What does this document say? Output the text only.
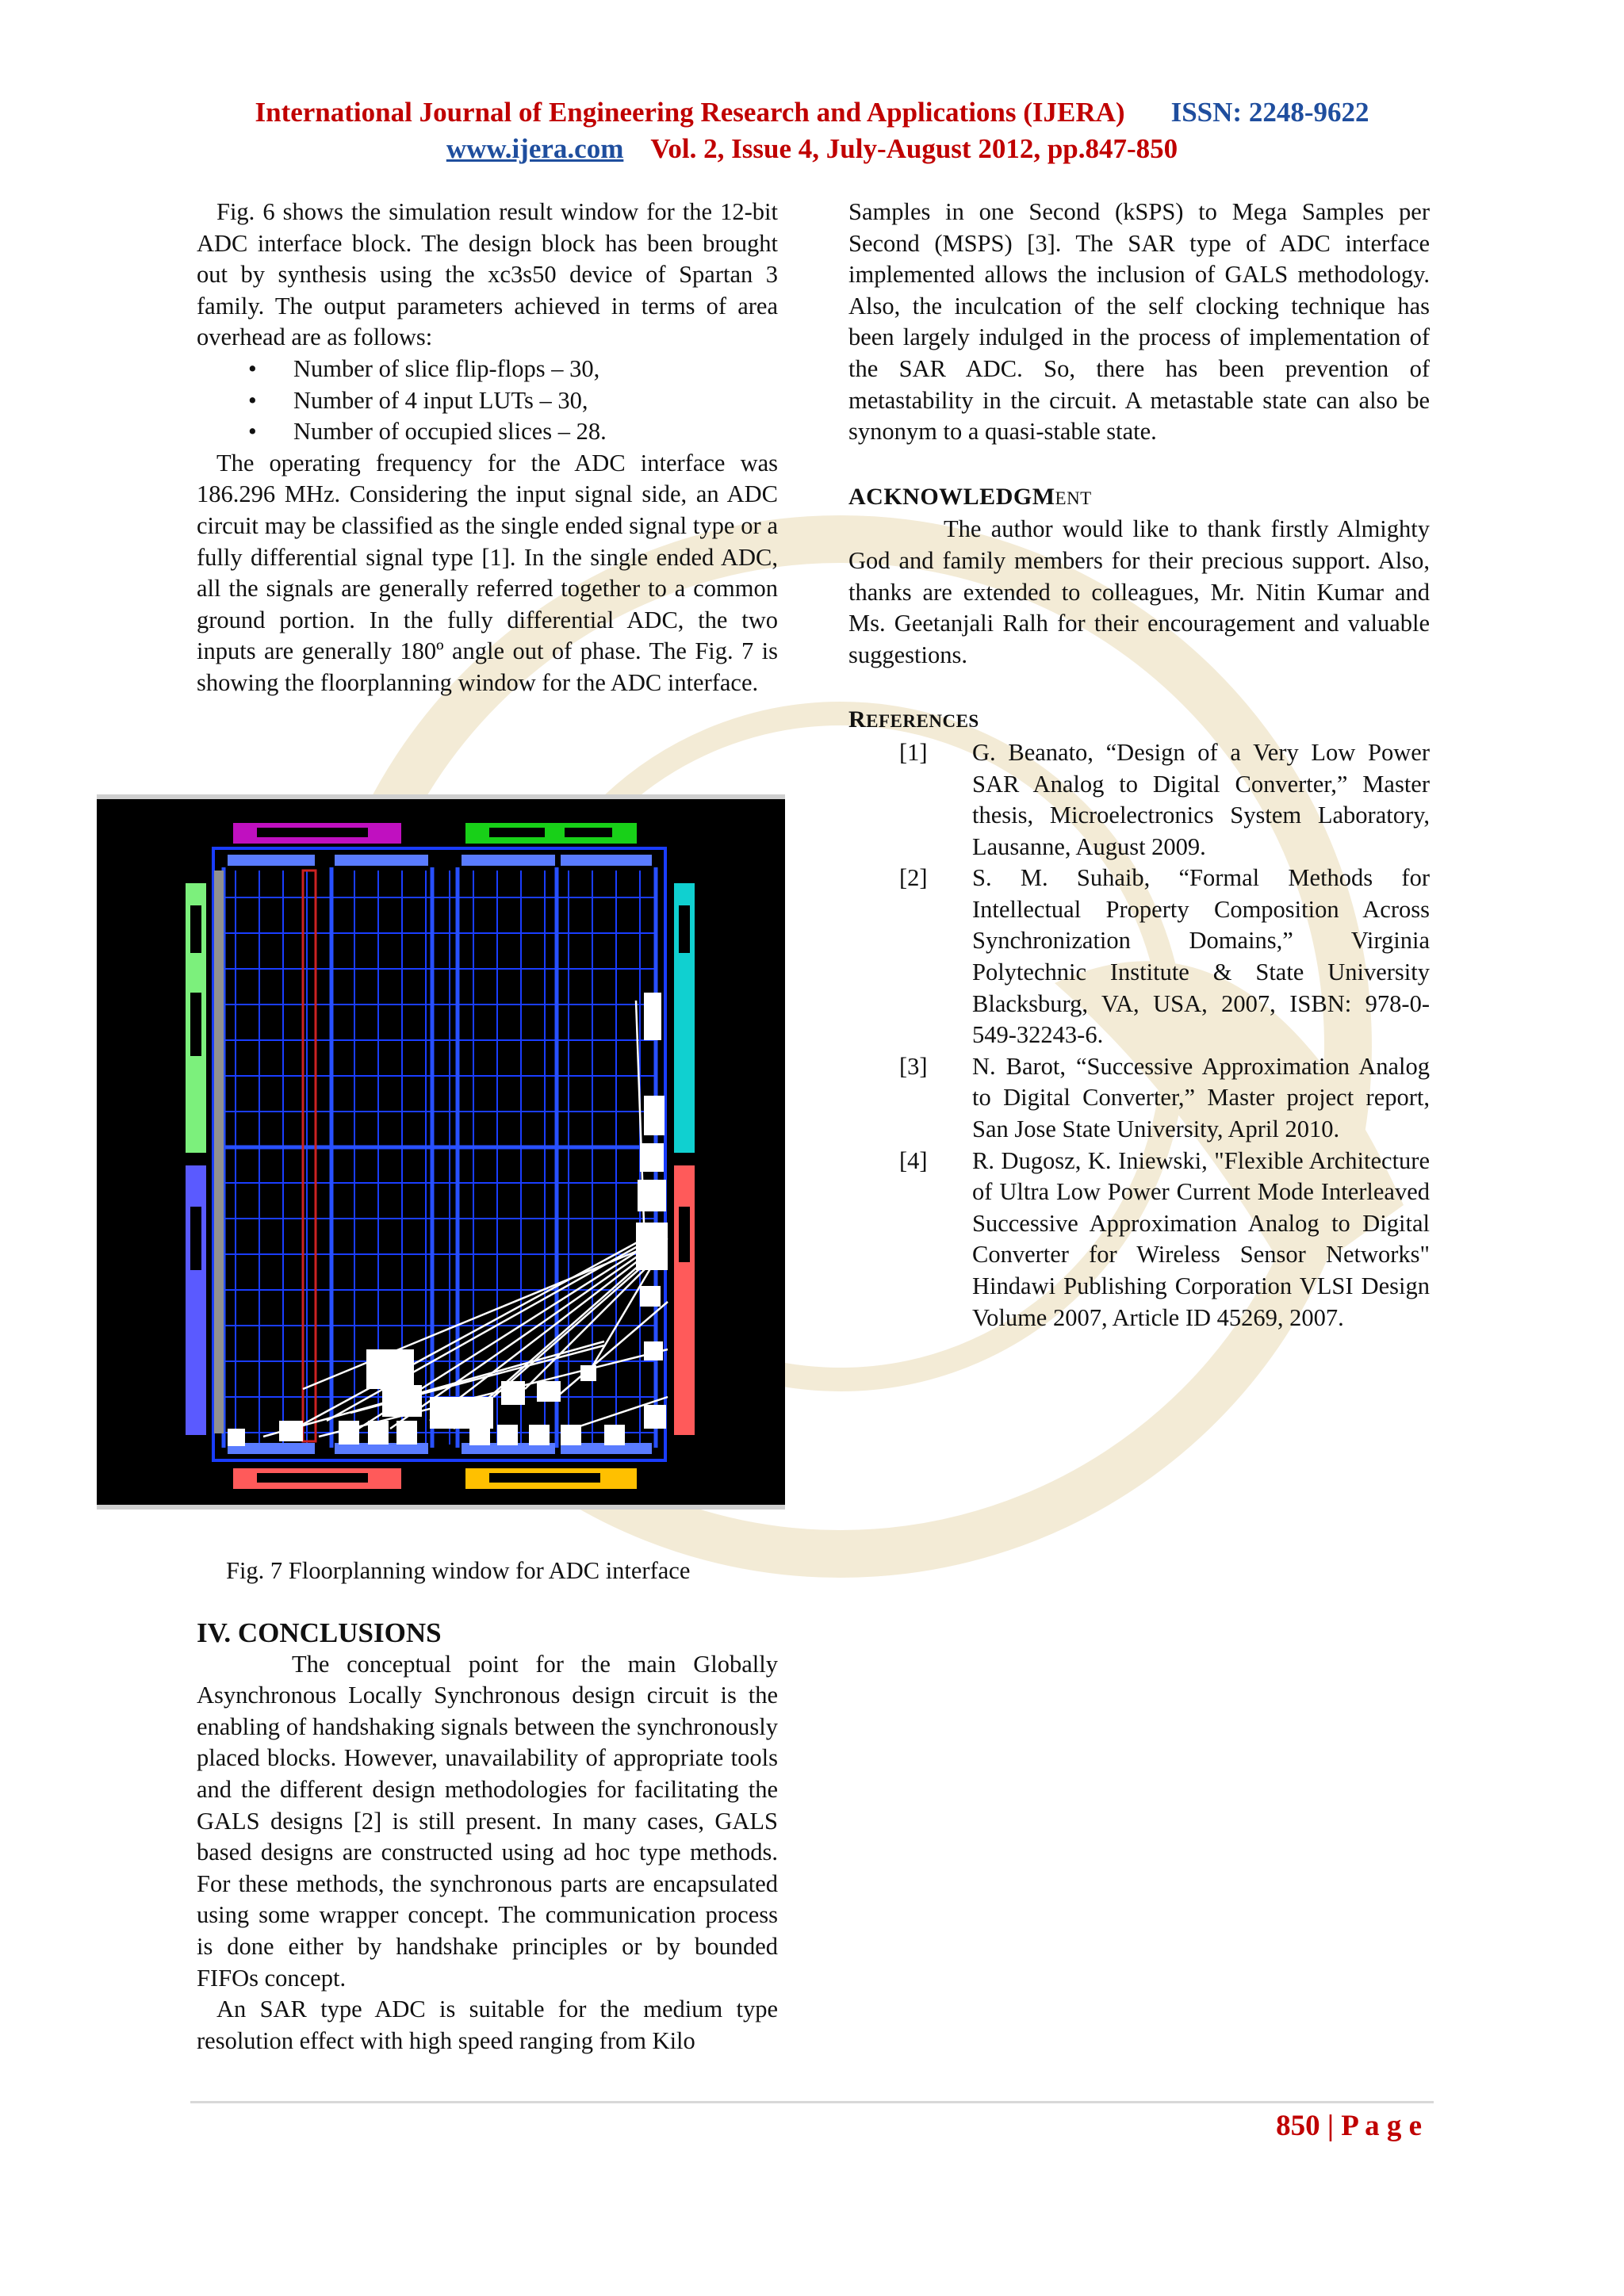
International Journal of Engineering Research and Applications (IJERA) ISSN: 2248-9622
www.ijera.com Vol. 2, Issue 4, July-August 2012, pp.847-850

Fig. 6 shows the simulation result window for the 12-bit ADC interface block. The design block has been brought out by synthesis using the xc3s50 device of Spartan 3 family. The output parameters achieved in terms of area overhead are as follows:

• Number of slice flip-flops – 30,
• Number of 4 input LUTs – 30,
• Number of occupied slices – 28.

The operating frequency for the ADC interface was 186.296 MHz. Considering the input signal side, an ADC circuit may be classified as the single ended signal type or a fully differential signal type [1]. In the single ended ADC, all the signals are generally referred together to a common ground portion. In the fully differential ADC, the two inputs are generally 180º angle out of phase. The Fig. 7 is showing the floorplanning window for the ADC interface.

Fig. 7 Floorplanning window for ADC interface

IV. CONCLUSIONS

The conceptual point for the main Globally Asynchronous Locally Synchronous design circuit is the enabling of handshaking signals between the synchronously placed blocks. However, unavailability of appropriate tools and the different design methodologies for facilitating the GALS designs [2] is still present. In many cases, GALS based designs are constructed using ad hoc type methods. For these methods, the synchronous parts are encapsulated using some wrapper concept. The communication process is done either by handshake principles or by bounded FIFOs concept.

An SAR type ADC is suitable for the medium type resolution effect with high speed ranging from Kilo

Samples in one Second (kSPS) to Mega Samples per Second (MSPS) [3]. The SAR type of ADC interface implemented allows the inclusion of GALS methodology. Also, the inculcation of the self clocking technique has been largely indulged in the process of implementation of the SAR ADC. So, there has been prevention of metastability in the circuit. A metastable state can also be synonym to a quasi-stable state.

ACKNOWLEDGMENT

The author would like to thank firstly Almighty God and family members for their precious support. Also, thanks are extended to colleagues, Mr. Nitin Kumar and Ms. Geetanjali Ralh for their encouragement and valuable suggestions.

REFERENCES

[1] G. Beanato, “Design of a Very Low Power SAR Analog to Digital Converter,” Master thesis, Microelectronics System Laboratory, Lausanne, August 2009.
[2] S. M. Suhaib, “Formal Methods for Intellectual Property Composition Across Synchronization Domains,” Virginia Polytechnic Institute & State University Blacksburg, VA, USA, 2007, ISBN: 978-0-549-32243-6.
[3] N. Barot, “Successive Approximation Analog to Digital Converter,” Master project report, San Jose State University, April 2010.
[4] R. Dugosz, K. Iniewski, "Flexible Architecture of Ultra Low Power Current Mode Interleaved Successive Approximation Analog to Digital Converter for Wireless Sensor Networks" Hindawi Publishing Corporation VLSI Design Volume 2007, Article ID 45269, 2007.
850 | P a g e
